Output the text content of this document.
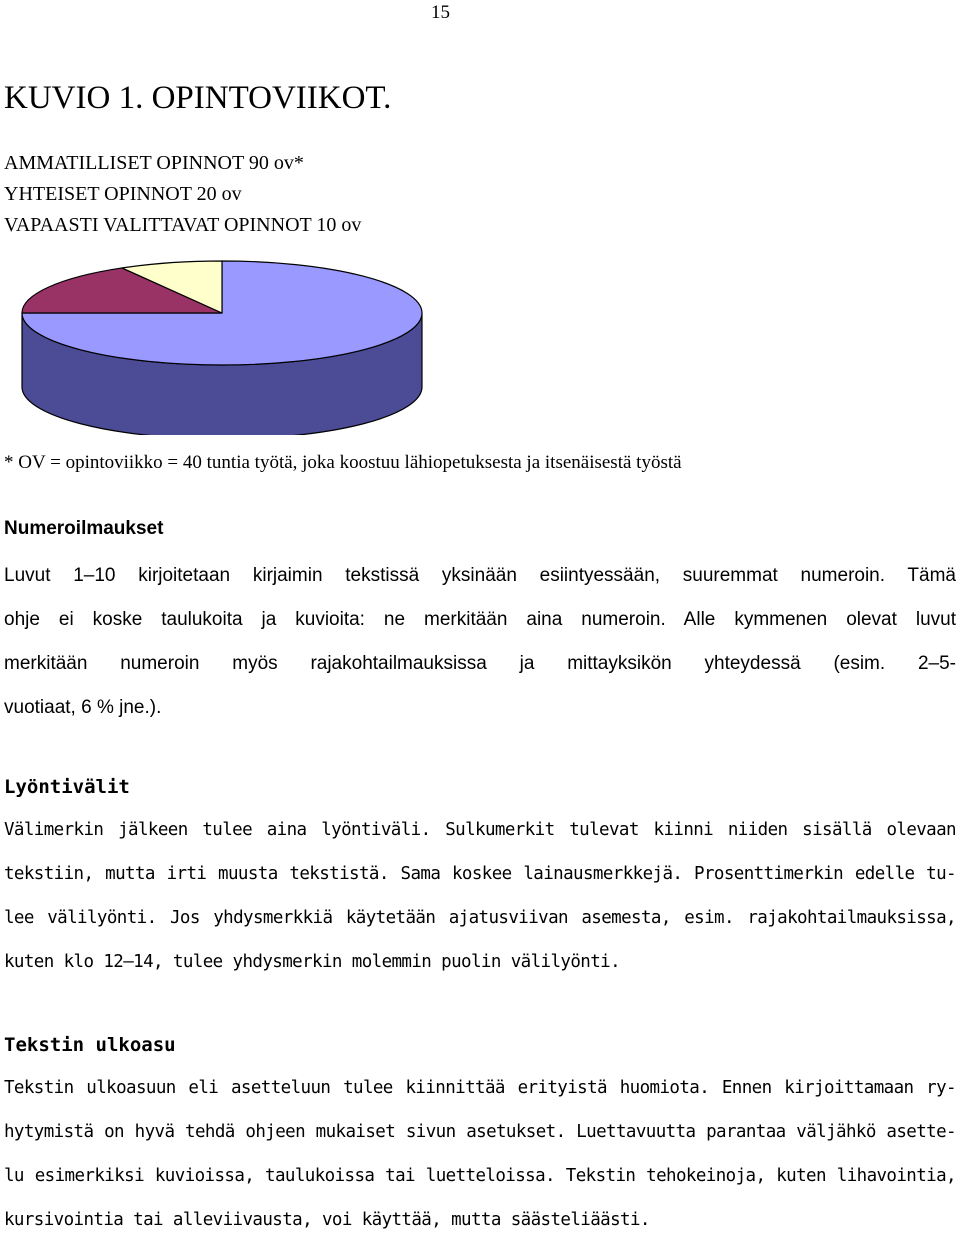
15
KUVIO 1. OPINTOVIIKOT.
AMMATILLISET OPINNOT 90 ov*
YHTEISET OPINNOT 20 ov
VAPAASTI VALITTAVAT OPINNOT 10 ov
* OV = opintoviikko = 40 tuntia työtä, joka koostuu lähiopetuksesta ja itsenäisestä työstä
Numeroilmaukset
Luvut 1–10 kirjoitetaan kirjaimin tekstissä yksinään esiintyessään, suuremmat numeroin. Tämä
ohje ei koske taulukoita ja kuvioita: ne merkitään aina numeroin. Alle kymmenen olevat luvut
merkitään numeroin myös rajakohtailmauksissa ja mittayksikön yhteydessä (esim. 2–5-
vuotiaat, 6 % jne.).
Lyöntivälit
Välimerkin jälkeen tulee aina lyöntiväli. Sulkumerkit tulevat kiinni niiden sisällä olevaan
tekstiin, mutta irti muusta tekstistä. Sama koskee lainausmerkkejä. Prosenttimerkin edelle tu-
lee välilyönti. Jos yhdysmerkkiä käytetään ajatusviivan asemesta, esim. rajakohtailmauksissa,
kuten klo 12–14, tulee yhdysmerkin molemmin puolin välilyönti.
Tekstin ulkoasu
Tekstin ulkoasuun eli asetteluun tulee kiinnittää erityistä huomiota. Ennen kirjoittamaan ry-
hytymistä on hyvä tehdä ohjeen mukaiset sivun asetukset. Luettavuutta parantaa väljähkö asette-
lu esimerkiksi kuvioissa, taulukoissa tai luetteloissa. Tekstin tehokeinoja, kuten lihavointia,
kursivointia tai alleviivausta, voi käyttää, mutta säästeliäästi.
